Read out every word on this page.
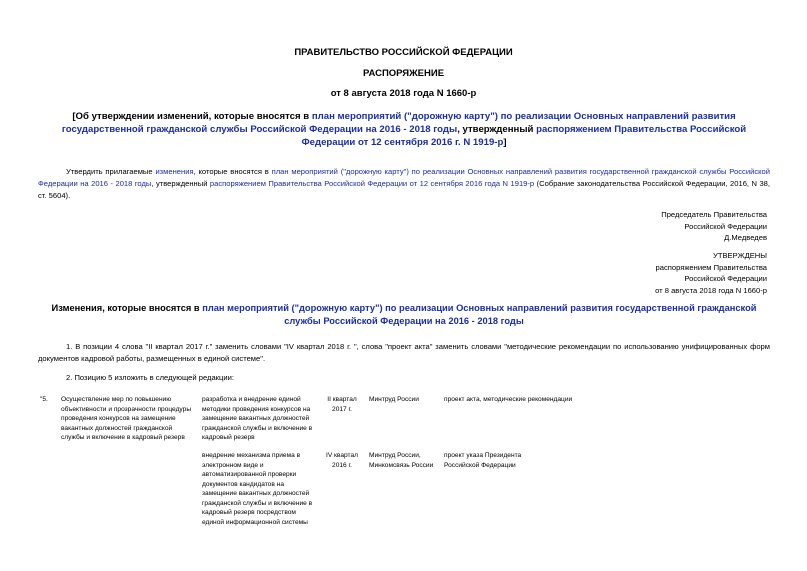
ПРАВИТЕЛЬСТВО РОССИЙСКОЙ ФЕДЕРАЦИИ
РАСПОРЯЖЕНИЕ
от 8 августа 2018 года N 1660-р
[Об утверждении изменений, которые вносятся в план мероприятий ("дорожную карту") по реализации Основных направлений развития государственной гражданской службы Российской Федерации на 2016 - 2018 годы, утвержденный распоряжением Правительства Российской Федерации от 12 сентября 2016 г. N 1919-р]
Утвердить прилагаемые изменения, которые вносятся в план мероприятий ("дорожную карту") по реализации Основных направлений развития государственной гражданской службы Российской Федерации на 2016 - 2018 годы, утвержденный распоряжением Правительства Российской Федерации от 12 сентября 2016 года N 1919-р (Собрание законодательства Российской Федерации, 2016, N 38, ст. 5604).
Председатель Правительства
Российской Федерации
Д.Медведев
УТВЕРЖДЕНЫ
распоряжением Правительства
Российской Федерации
от 8 августа 2018 года N 1660-р
Изменения, которые вносятся в план мероприятий ("дорожную карту") по реализации Основных направлений развития государственной гражданской службы Российской Федерации на 2016 - 2018 годы
1. В позиции 4 слова "II квартал 2017 г." заменить словами "IV квартал 2018 г. ", слова "проект акта" заменить словами "методические рекомендации по использованию унифицированных форм документов кадровой работы, размещенных в единой системе".
2. Позицию 5 изложить в следующей редакции:
"5.	Осуществление мер по повышению объективности и прозрачности процедуры проведения конкурсов на замещение вакантных должностей гражданской службы и включение в кадровый резерв
разработка и внедрение единой методики проведения конкурсов на замещение вакантных должностей гражданской службы и включение в кадровый резерв
II квартал 2017 г.
Минтруд России	проект акта, методические рекомендации
внедрение механизма приема в электронном виде и автоматизированной проверки документов кандидатов на замещение вакантных должностей гражданской службы и включение в кадровый резерв посредством единой информационной системы
IV квартал 2016 г.
Минтруд России, Минкомсвязь России
проект указа Президента Российской Федерации
